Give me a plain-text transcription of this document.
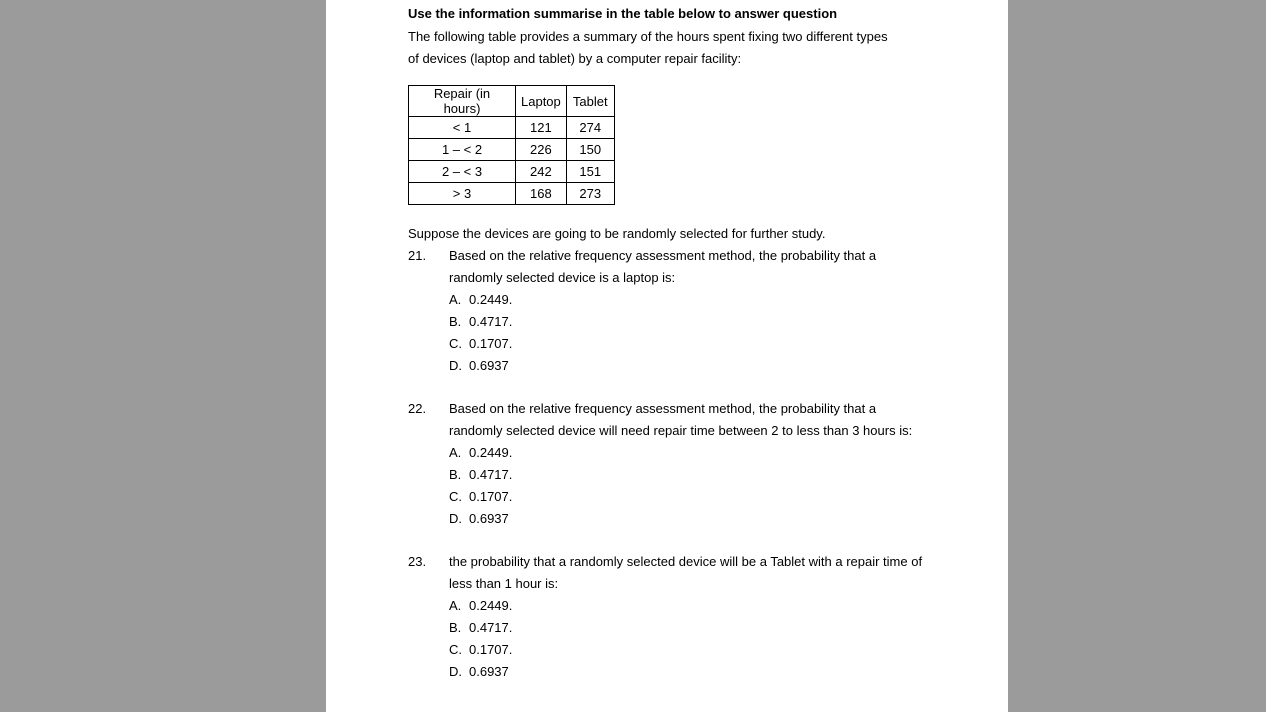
Use the information summarise in the table below to answer question

The following table provides a summary of the hours spent fixing two different types of devices (laptop and tablet) by a computer repair facility:

Repair (in hours)	Laptop	Tablet
< 1	121	274
1 – < 2	226	150
2 – < 3	242	151
> 3	168	273

Suppose the devices are going to be randomly selected for further study.

21. Based on the relative frequency assessment method, the probability that a randomly selected device is a laptop is:
A. 0.2449.
B. 0.4717.
C. 0.1707.
D. 0.6937
22. Based on the relative frequency assessment method, the probability that a randomly selected device will need repair time between 2 to less than 3 hours is:
A. 0.2449.
B. 0.4717.
C. 0.1707.
D. 0.6937
23. the probability that a randomly selected device will be a Tablet with a repair time of less than 1 hour is:
A. 0.2449.
B. 0.4717.
C. 0.1707.
D. 0.6937
